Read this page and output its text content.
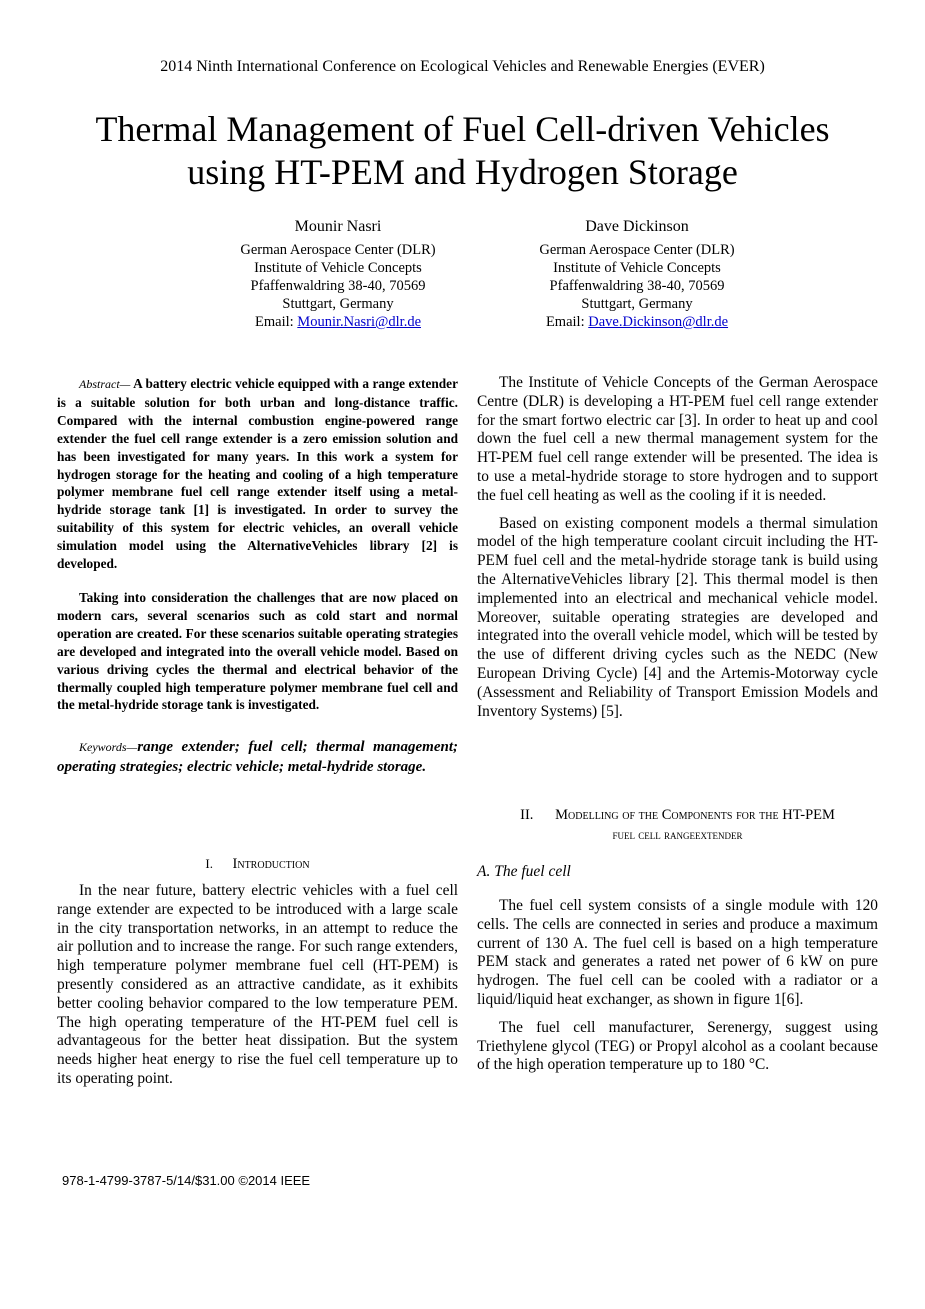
2014 Ninth International Conference on Ecological Vehicles and Renewable Energies (EVER)
Thermal Management of Fuel Cell-driven Vehicles
using HT-PEM and Hydrogen Storage
Mounir Nasri
German Aerospace Center (DLR)
Institute of Vehicle Concepts
Pfaffenwaldring 38-40, 70569
Stuttgart, Germany
Email: Mounir.Nasri@dlr.de
Dave Dickinson
German Aerospace Center (DLR)
Institute of Vehicle Concepts
Pfaffenwaldring 38-40, 70569
Stuttgart, Germany
Email: Dave.Dickinson@dlr.de

Abstract— A battery electric vehicle equipped with a range extender is a suitable solution for both urban and long-distance traffic. Compared with the internal combustion engine-powered range extender the fuel cell range extender is a zero emission solution and has been investigated for many years. In this work a system for hydrogen storage for the heating and cooling of a high temperature polymer membrane fuel cell range extender itself using a metal-hydride storage tank [1] is investigated. In order to survey the suitability of this system for electric vehicles, an overall vehicle simulation model using the AlternativeVehicles library [2] is developed.

Taking into consideration the challenges that are now placed on modern cars, several scenarios such as cold start and normal operation are created. For these scenarios suitable operating strategies are developed and integrated into the overall vehicle model. Based on various driving cycles the thermal and electrical behavior of the thermally coupled high temperature polymer membrane fuel cell and the metal-hydride storage tank is investigated.

Keywords—range extender; fuel cell; thermal management; operating strategies; electric vehicle; metal-hydride storage.

I. Introduction

In the near future, battery electric vehicles with a fuel cell range extender are expected to be introduced with a large scale in the city transportation networks, in an attempt to reduce the air pollution and to increase the range. For such range extenders, high temperature polymer membrane fuel cell (HT-PEM) is presently considered as an attractive candidate, as it exhibits better cooling behavior compared to the low temperature PEM. The high operating temperature of the HT-PEM fuel cell is advantageous for the better heat dissipation. But the system needs higher heat energy to rise the fuel cell temperature up to its operating point.

The Institute of Vehicle Concepts of the German Aerospace Centre (DLR) is developing a HT-PEM fuel cell range extender for the smart fortwo electric car [3]. In order to heat up and cool down the fuel cell a new thermal management system for the HT-PEM fuel cell range extender will be presented. The idea is to use a metal-hydride storage to store hydrogen and to support the fuel cell heating as well as the cooling if it is needed.

Based on existing component models a thermal simulation model of the high temperature coolant circuit including the HT-PEM fuel cell and the metal-hydride storage tank is build using the AlternativeVehicles library [2]. This thermal model is then implemented into an electrical and mechanical vehicle model. Moreover, suitable operating strategies are developed and integrated into the overall vehicle model, which will be tested by the use of different driving cycles such as the NEDC (New European Driving Cycle) [4] and the Artemis-Motorway cycle (Assessment and Reliability of Transport Emission Models and Inventory Systems) [5].

II. Modelling of the Components for the HT-PEM
fuel cell rangeextender
A. The fuel cell

The fuel cell system consists of a single module with 120 cells. The cells are connected in series and produce a maximum current of 130 A. The fuel cell is based on a high temperature PEM stack and generates a rated net power of 6 kW on pure hydrogen. The fuel cell can be cooled with a radiator or a liquid/liquid heat exchanger, as shown in figure 1[6].

The fuel cell manufacturer, Serenergy, suggest using Triethylene glycol (TEG) or Propyl alcohol as a coolant because of the high operation temperature up to 180 °C.

978-1-4799-3787-5/14/$31.00 ©2014 IEEE
